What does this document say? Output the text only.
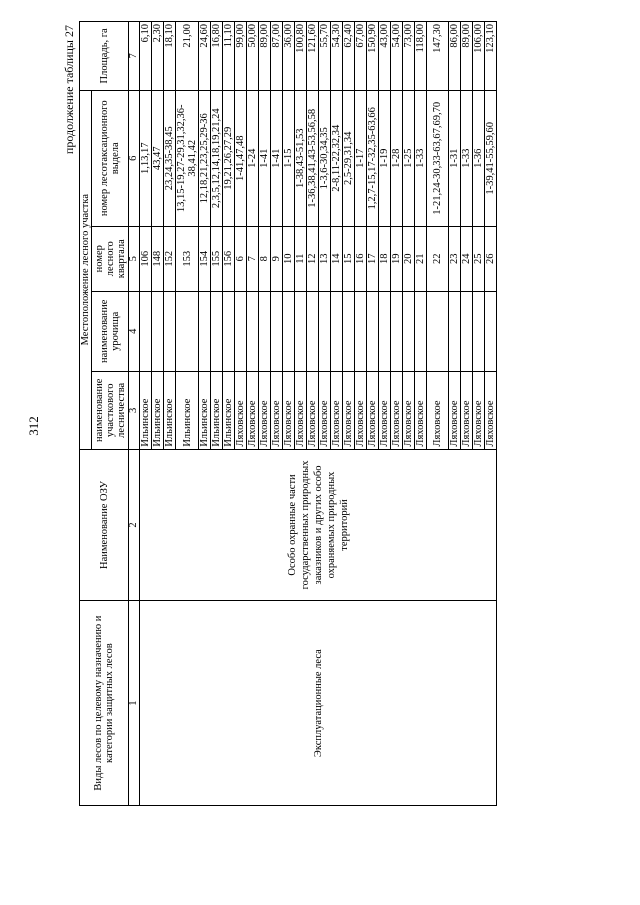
312
продолжение таблицы 27
Виды лесов по целевому назначению и категории защитных лесов	Наименование ОЗУ	Местоположение лесного участка				Площадь, га
		наименование участкового лесничества	наименование урочища	номер лесного квартала	номер лесотаксационного выдела	
1	2	3	4	5	6	7
Эксплуатационные леса	Особо охранные части государственных природных заказников и других особо охраняемых природных территорий	Ильинское		106	1,13,17	6,10
		Ильинское		148	43,47	2,30
		Ильинское		152	23,24,35-38,45	18,10
		Ильинское		153	13,15-19,27-29,31,32,36-38,41,42	21,00
		Ильинское		154	12,18,21,23,25,29-36	24,60
		Ильинское		155	2,3,5,12,14,18,19,21,24	16,80
		Ильинское		156	19,21,26,27,29	11,10
		Ляховское		6	1-41,47,48	99,00
		Ляховское		7	1-24	50,00
		Ляховское		8	1-41	89,00
		Ляховское		9	1-41	87,00
		Ляховское		10	1-15	36,00
		Ляховское		11	1-38,43-51,53	100,80
		Ляховское		12	1-36,38,41,43-53,56,58	121,60
		Ляховское		13	1-3,6-30,34,35	55,70
		Ляховское		14	2-8,11-22,32,34	54,30
		Ляховское		15	2,5-29,31,34	62,40
		Ляховское		16	1-17	67,00
		Ляховское		17	1,2,7-15,17-32,35-63,66	150,90
		Ляховское		18	1-19	43,00
		Ляховское		19	1-28	54,00
		Ляховское		20	1-25	73,00
		Ляховское		21	1-33	118,00
		Ляховское		22	1-21,24-30,33-63,67,69,70	147,30
		Ляховское		23	1-31	86,00
		Ляховское		24	1-33	89,00
		Ляховское		25	1-36	106,00
		Ляховское		26	1-39,41-55,59,60	123,10
